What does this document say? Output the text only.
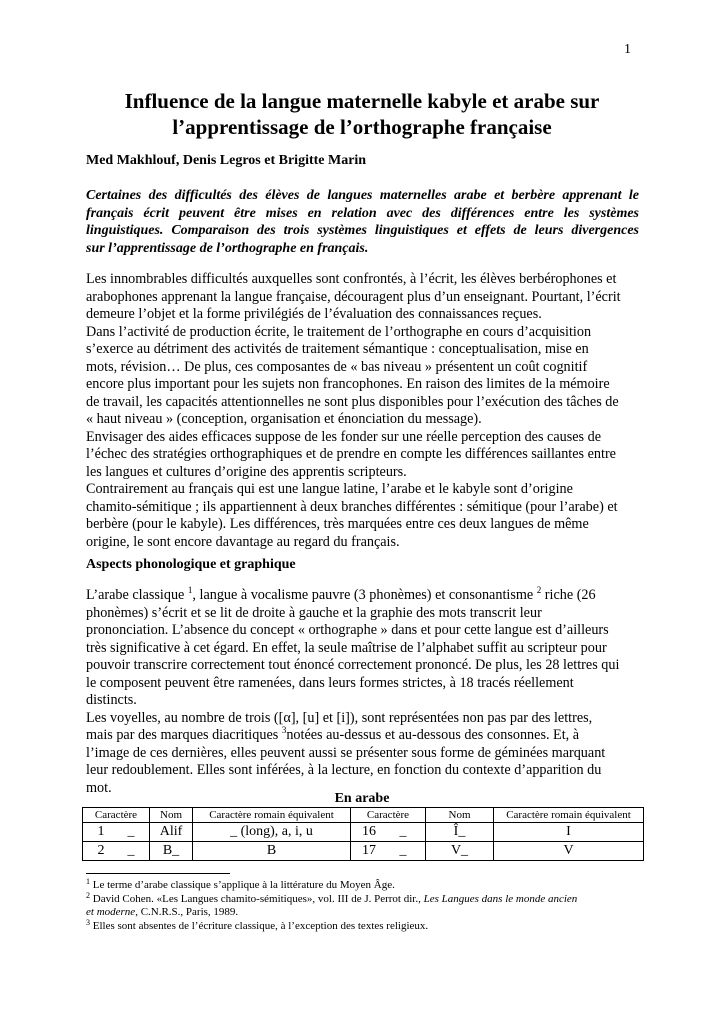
1
Influence de la langue maternelle kabyle et arabe sur
l’apprentissage de l’orthographe française

Med Makhlouf, Denis Legros et Brigitte Marin

Certaines des difficultés des élèves de langues maternelles arabe et berbère apprenant le
français écrit peuvent être mises en relation avec des différences entre les systèmes
linguistiques. Comparaison des trois systèmes linguistiques et effets de leurs divergences
sur l’apprentissage de l’orthographe en français.

Les innombrables difficultés auxquelles sont confrontés, à l’écrit, les élèves berbérophones et
arabophones apprenant la langue française, découragent plus d’un enseignant. Pourtant, l’écrit
demeure l’objet et la forme privilégiés de l’évaluation des connaissances reçues.
Dans l’activité de production écrite, le traitement de l’orthographe en cours d’acquisition
s’exerce au détriment des activités de traitement sémantique : conceptualisation, mise en
mots, révision… De plus, ces composantes de « bas niveau » présentent un coût cognitif
encore plus important pour les sujets non francophones. En raison des limites de la mémoire
de travail, les capacités attentionnelles ne sont plus disponibles pour l’exécution des tâches de
« haut niveau » (conception, organisation et énonciation du message).
Envisager des aides efficaces suppose de les fonder sur une réelle perception des causes de
l’échec des stratégies orthographiques et de prendre en compte les différences saillantes entre
les langues et cultures d’origine des apprentis scripteurs.
Contrairement au français qui est une langue latine, l’arabe et le kabyle sont d’origine
chamito-sémitique ; ils appartiennent à deux branches différentes : sémitique (pour l’arabe) et
berbère (pour le kabyle). Les différences, très marquées entre ces deux langues de même
origine, le sont encore davantage au regard du français.
Aspects phonologique et graphique
L’arabe classique $^1$, langue à vocalisme pauvre (3 phonèmes) et consonantisme $^2$ riche (26
phonèmes) s’écrit et se lit de droite à gauche et la graphie des mots transcrit leur
prononciation. L’absence du concept « orthographe » dans et pour cette langue est d’ailleurs
très significative à cet égard. En effet, la seule maîtrise de l’alphabet suffit au scripteur pour
pouvoir transcrire correctement tout énoncé correctement prononcé. De plus, les 28 lettres qui
le composent peuvent être ramenées, dans leurs formes strictes, à 18 tracés réellement
distincts.
Les voyelles, au nombre de trois ([α], [u] et [i]), sont représentées non pas par des lettres,
mais par des marques diacritiques $^3$notées au-dessus et au-dessous des consonnes. Et, à
l’image de ces dernières, elles peuvent aussi se présenter sous forme de géminées marquant
leur redoublement. Elles sont inférées, à la lecture, en fonction du contexte d’apparition du
mot.
En arabe
Caractère	Nom	Caractère romain équivalent	Caractère	Nom	Caractère romain équivalent
1 _	Alif	_ (long), a, i, u	16 _	Î_	I
2 _	B_	B	17 _	V_	V
$^1$ Le terme d’arabe classique s’applique à la littérature du Moyen Âge.
$^2$ David Cohen. «Les Langues chamito-sémitiques», vol. III de J. Perrot dir., Les Langues dans le monde ancien
et moderne, C.N.R.S., Paris, 1989.
$^3$ Elles sont absentes de l’écriture classique, à l’exception des textes religieux.
